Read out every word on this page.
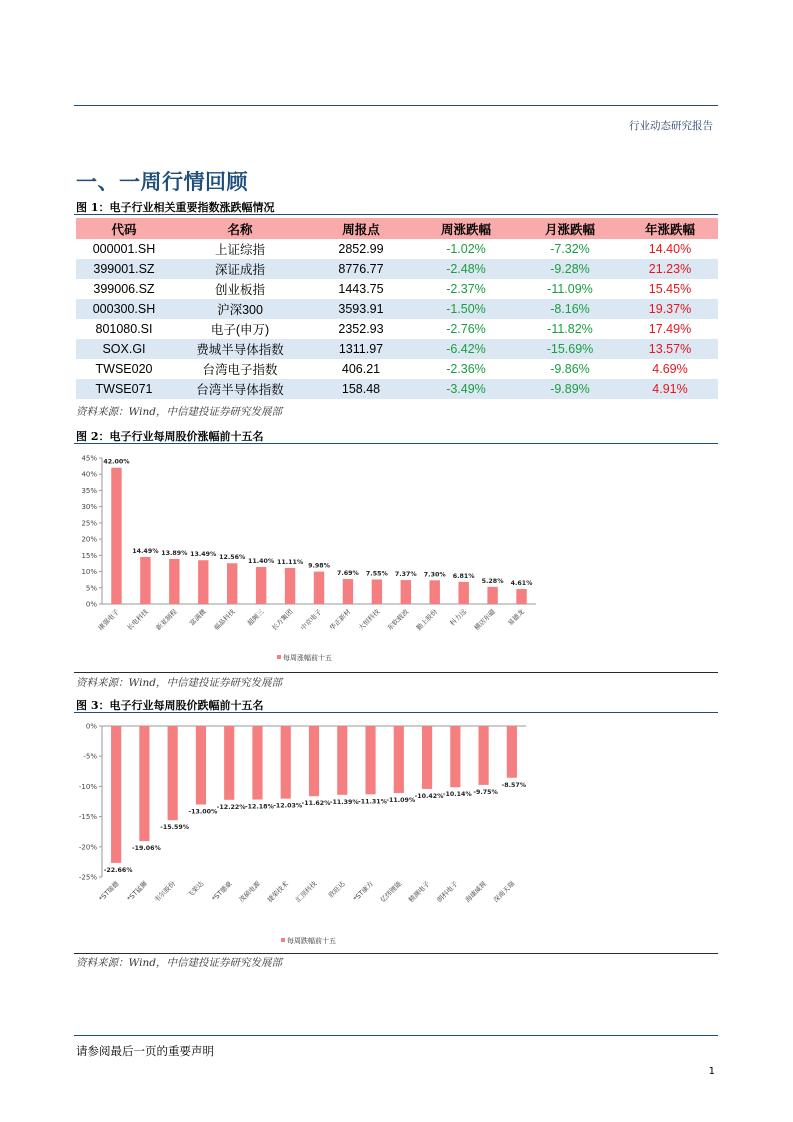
行业动态研究报告
一、一周行情回顾
图 1：电子行业相关重要指数涨跌幅情况
代码	名称	周报点	周涨跌幅	月涨跌幅	年涨跌幅
000001.SH	上证综指	2852.99	-1.02%	-7.32%	14.40%
399001.SZ	深证成指	8776.77	-2.48%	-9.28%	21.23%
399006.SZ	创业板指	1443.75	-2.37%	-11.09%	15.45%
000300.SH	沪深300	3593.91	-1.50%	-8.16%	19.37%
801080.SI	电子(申万)	2352.93	-2.76%	-11.82%	17.49%
SOX.GI	费城半导体指数	1311.97	-6.42%	-15.69%	13.57%
TWSE020	台湾电子指数	406.21	-2.36%	-9.86%	4.69%
TWSE071	台湾半导体指数	158.48	-3.49%	-9.89%	4.91%
资料来源：Wind，中信建投证券研究发展部
图 2：电子行业每周股价涨幅前十五名
0%
5%
10%
15%
20%
25%
30%
35%
40%
45% 42.00%
康强电子
14.49%
长电科技
13.89%
新亚制程
13.49%
富满微
12.56%
福晶科技
11.40%
超频三
11.11%
长方集团
9.98%
中京电子
7.69%
华正新材
7.55%
大恒科技
7.37%
东软载波
7.30%
勤上股份
6.81%
科力远
5.28%
横店东磁
4.61%
易德龙
每周涨幅前十五
资料来源：Wind，中信建投证券研究发展部
图 3：电子行业每周股价跌幅前十五名
0%
-5%
-10%
-15%
-20%
-25%
-22.66%
*ST瑞德
-19.06%
*ST猛狮
-15.59%
韦尔股份
-13.00%
飞荣达
-12.22%
*ST德豪
-12.18%
茂硕电源
-12.03%
捷荣技术
-11.62%
汇顶科技
-11.39%
欣旺达
-11.31%
*ST康方
-11.09%
亿纬锂能
-10.42%
精测电子
-10.14%
朗科电子
-9.75%
海康威视
-8.57%
深南天瑞
每周跌幅前十五
资料来源：Wind，中信建投证券研究发展部
请参阅最后一页的重要声明
1
